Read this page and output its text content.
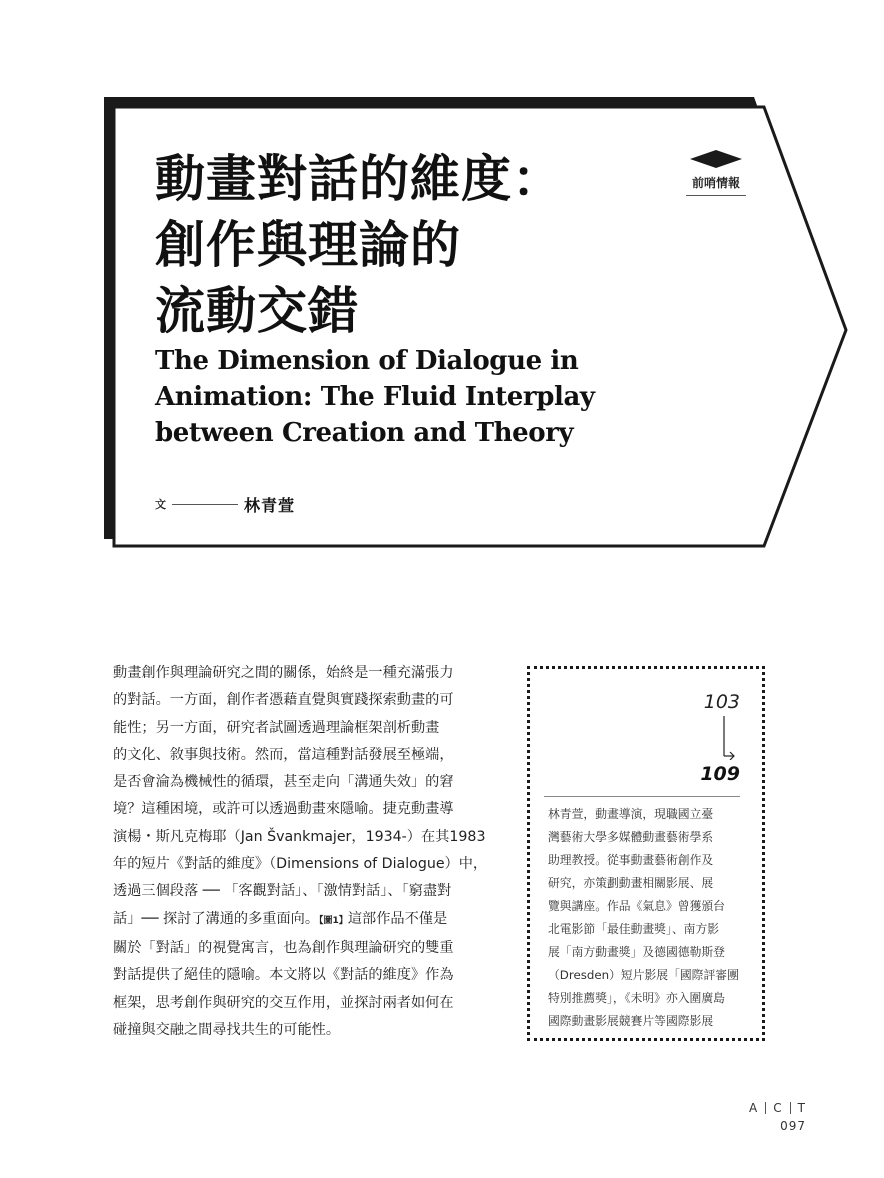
動畫對話的維度：
創作與理論的
流動交錯
The Dimension of Dialogue in
Animation: The Fluid Interplay
between Creation and Theory
前哨情報
文	林青萱
動畫創作與理論研究之間的關係，始終是一種充滿張力
的對話。一方面，創作者憑藉直覺與實踐探索動畫的可
能性；另一方面，研究者試圖透過理論框架剖析動畫
的文化、敘事與技術。然而，當這種對話發展至極端，
是否會淪為機械性的循環，甚至走向「溝通失效」的窘
境？這種困境，或許可以透過動畫來隱喻。捷克動畫導
演楊・斯凡克梅耶（Jan Švankmajer，1934-）在其1983
年的短片《對話的維度》（Dimensions of Dialogue）中，
透過三個段落 ── 「客觀對話」、「激情對話」、「窮盡對
話」── 探討了溝通的多重面向。【圖1】這部作品不僅是
關於「對話」的視覺寓言，也為創作與理論研究的雙重
對話提供了絕佳的隱喻。本文將以《對話的維度》作為
框架，思考創作與研究的交互作用，並探討兩者如何在
碰撞與交融之間尋找共生的可能性。
103
109
林青萱，動畫導演，現職國立臺
灣藝術大學多媒體動畫藝術學系
助理教授。從事動畫藝術創作及
研究，亦策劃動畫相關影展、展
覽與講座。作品《氣息》曾獲頒台
北電影節「最佳動畫獎」、南方影
展「南方動畫獎」及德國德勒斯登
（Dresden）短片影展「國際評審團
特別推薦獎」，《未明》亦入圍廣島
國際動畫影展競賽片等國際影展
A C T
097
